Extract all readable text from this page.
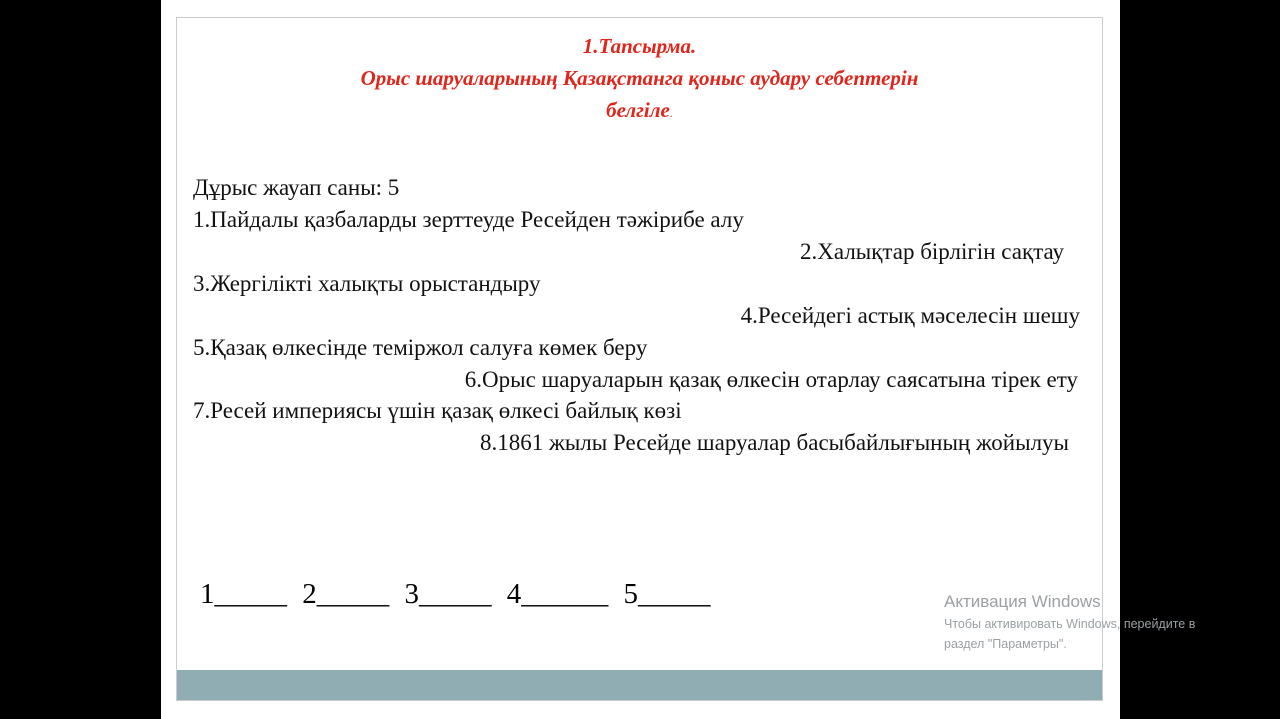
1.Тапсырма.
Орыс шаруаларының Қазақстанга қоныс аудару себептерін
белгіле.
Дұрыс жауап саны: 5
1.Пайдалы қазбаларды зерттеуде Ресейден тәжірибе алу
2.Халықтар бірлігін сақтау
3.Жергілікті халықты орыстандыру
4.Ресейдегі астық мәселесін шешу
5.Қазақ өлкесінде теміржол салуға көмек беру
6.Орыс шаруаларын қазақ өлкесін отарлау саясатына тірек ету
7.Ресей империясы үшін қазақ өлкесі байлық көзі
8.1861 жылы Ресейде шаруалар басыбайлығының жойылуы
1_____ 2_____ 3_____ 4______ 5_____	Активация Windows
Чтобы активировать Windows, перейдите в
раздел "Параметры".
